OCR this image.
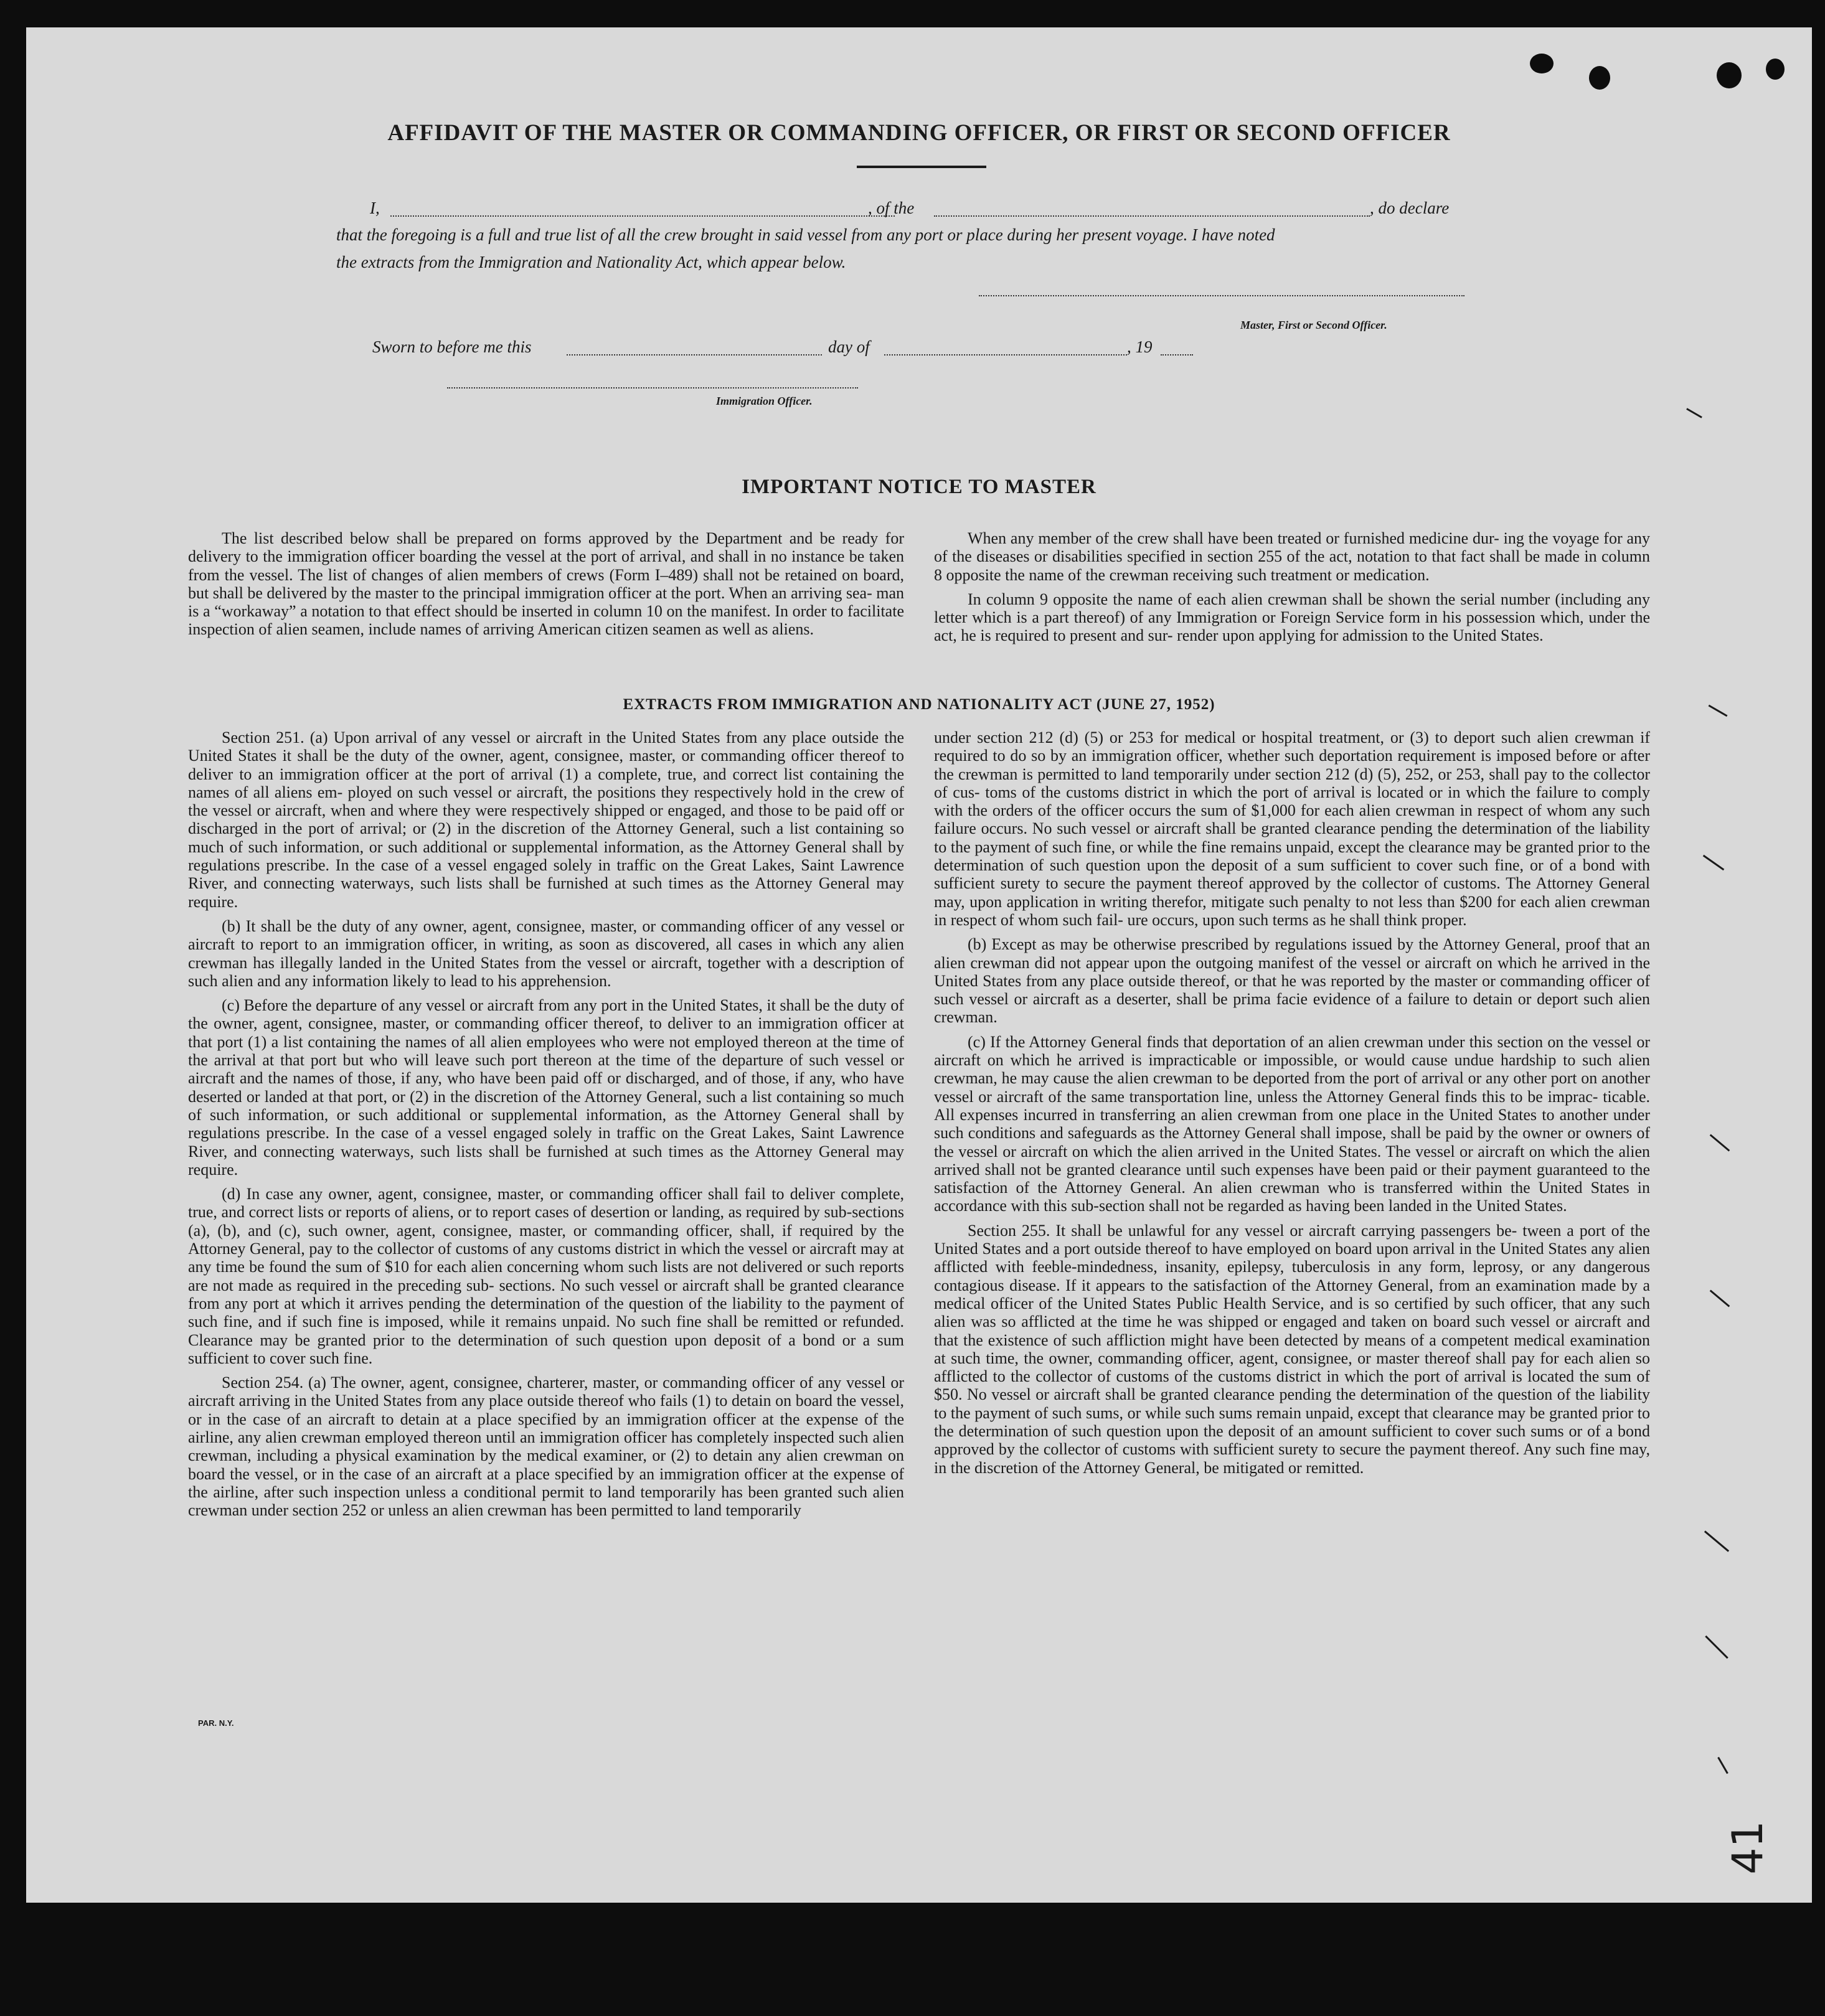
AFFIDAVIT OF THE MASTER OR COMMANDING OFFICER, OR FIRST OR SECOND OFFICER
I,	, of the	, do declare
that the foregoing is a full and true list of all the crew brought in said vessel from any port or place during her present voyage. I have noted
the extracts from the Immigration and Nationality Act, which appear below.
Master, First or Second Officer.
Sworn to before me this	day of	, 19
Immigration Officer.
IMPORTANT NOTICE TO MASTER

The list described below shall be prepared on forms approved by the Department and be ready for delivery to the immigration officer boarding the vessel at the port of arrival, and shall in no instance be taken from the vessel. The list of changes of alien members of crews (Form I–489) shall not be retained on board, but shall be delivered by the master to the principal immigration officer at the port. When an arriving sea- man is a “workaway” a notation to that effect should be inserted in column 10 on the manifest. In order to facilitate inspection of alien seamen, include names of arriving American citizen seamen as well as aliens.

When any member of the crew shall have been treated or furnished medicine dur- ing the voyage for any of the diseases or disabilities specified in section 255 of the act, notation to that fact shall be made in column 8 opposite the name of the crewman receiving such treatment or medication.

In column 9 opposite the name of each alien crewman shall be shown the serial number (including any letter which is a part thereof) of any Immigration or Foreign Service form in his possession which, under the act, he is required to present and sur- render upon applying for admission to the United States.

EXTRACTS FROM IMMIGRATION AND NATIONALITY ACT (JUNE 27, 1952)

Section 251. (a) Upon arrival of any vessel or aircraft in the United States from any place outside the United States it shall be the duty of the owner, agent, consignee, master, or commanding officer thereof to deliver to an immigration officer at the port of arrival (1) a complete, true, and correct list containing the names of all aliens em- ployed on such vessel or aircraft, the positions they respectively hold in the crew of the vessel or aircraft, when and where they were respectively shipped or engaged, and those to be paid off or discharged in the port of arrival; or (2) in the discretion of the Attorney General, such a list containing so much of such information, or such additional or supplemental information, as the Attorney General shall by regulations prescribe. In the case of a vessel engaged solely in traffic on the Great Lakes, Saint Lawrence River, and connecting waterways, such lists shall be furnished at such times as the Attorney General may require.

(b) It shall be the duty of any owner, agent, consignee, master, or commanding officer of any vessel or aircraft to report to an immigration officer, in writing, as soon as discovered, all cases in which any alien crewman has illegally landed in the United States from the vessel or aircraft, together with a description of such alien and any information likely to lead to his apprehension.

(c) Before the departure of any vessel or aircraft from any port in the United States, it shall be the duty of the owner, agent, consignee, master, or commanding officer thereof, to deliver to an immigration officer at that port (1) a list containing the names of all alien employees who were not employed thereon at the time of the arrival at that port but who will leave such port thereon at the time of the departure of such vessel or aircraft and the names of those, if any, who have been paid off or discharged, and of those, if any, who have deserted or landed at that port, or (2) in the discretion of the Attorney General, such a list containing so much of such information, or such additional or supplemental information, as the Attorney General shall by regulations prescribe. In the case of a vessel engaged solely in traffic on the Great Lakes, Saint Lawrence River, and connecting waterways, such lists shall be furnished at such times as the Attorney General may require.

(d) In case any owner, agent, consignee, master, or commanding officer shall fail to deliver complete, true, and correct lists or reports of aliens, or to report cases of desertion or landing, as required by sub-sections (a), (b), and (c), such owner, agent, consignee, master, or commanding officer, shall, if required by the Attorney General, pay to the collector of customs of any customs district in which the vessel or aircraft may at any time be found the sum of $10 for each alien concerning whom such lists are not delivered or such reports are not made as required in the preceding sub- sections. No such vessel or aircraft shall be granted clearance from any port at which it arrives pending the determination of the question of the liability to the payment of such fine, and if such fine is imposed, while it remains unpaid. No such fine shall be remitted or refunded. Clearance may be granted prior to the determination of such question upon deposit of a bond or a sum sufficient to cover such fine.

Section 254. (a) The owner, agent, consignee, charterer, master, or commanding officer of any vessel or aircraft arriving in the United States from any place outside thereof who fails (1) to detain on board the vessel, or in the case of an aircraft to detain at a place specified by an immigration officer at the expense of the airline, any alien crewman employed thereon until an immigration officer has completely inspected such alien crewman, including a physical examination by the medical examiner, or (2) to detain any alien crewman on board the vessel, or in the case of an aircraft at a place specified by an immigration officer at the expense of the airline, after such inspection unless a conditional permit to land temporarily has been granted such alien crewman under section 252 or unless an alien crewman has been permitted to land temporarily

under section 212 (d) (5) or 253 for medical or hospital treatment, or (3) to deport such alien crewman if required to do so by an immigration officer, whether such deportation requirement is imposed before or after the crewman is permitted to land temporarily under section 212 (d) (5), 252, or 253, shall pay to the collector of cus- toms of the customs district in which the port of arrival is located or in which the failure to comply with the orders of the officer occurs the sum of $1,000 for each alien crewman in respect of whom any such failure occurs. No such vessel or aircraft shall be granted clearance pending the determination of the liability to the payment of such fine, or while the fine remains unpaid, except the clearance may be granted prior to the determination of such question upon the deposit of a sum sufficient to cover such fine, or of a bond with sufficient surety to secure the payment thereof approved by the collector of customs. The Attorney General may, upon application in writing therefor, mitigate such penalty to not less than $200 for each alien crewman in respect of whom such fail- ure occurs, upon such terms as he shall think proper.

(b) Except as may be otherwise prescribed by regulations issued by the Attorney General, proof that an alien crewman did not appear upon the outgoing manifest of the vessel or aircraft on which he arrived in the United States from any place outside thereof, or that he was reported by the master or commanding officer of such vessel or aircraft as a deserter, shall be prima facie evidence of a failure to detain or deport such alien crewman.

(c) If the Attorney General finds that deportation of an alien crewman under this section on the vessel or aircraft on which he arrived is impracticable or impossible, or would cause undue hardship to such alien crewman, he may cause the alien crewman to be deported from the port of arrival or any other port on another vessel or aircraft of the same transportation line, unless the Attorney General finds this to be imprac- ticable. All expenses incurred in transferring an alien crewman from one place in the United States to another under such conditions and safeguards as the Attorney General shall impose, shall be paid by the owner or owners of the vessel or aircraft on which the alien arrived in the United States. The vessel or aircraft on which the alien arrived shall not be granted clearance until such expenses have been paid or their payment guaranteed to the satisfaction of the Attorney General. An alien crewman who is transferred within the United States in accordance with this sub-section shall not be regarded as having been landed in the United States.

Section 255. It shall be unlawful for any vessel or aircraft carrying passengers be- tween a port of the United States and a port outside thereof to have employed on board upon arrival in the United States any alien afflicted with feeble-mindedness, insanity, epilepsy, tuberculosis in any form, leprosy, or any dangerous contagious disease. If it appears to the satisfaction of the Attorney General, from an examination made by a medical officer of the United States Public Health Service, and is so certified by such officer, that any such alien was so afflicted at the time he was shipped or engaged and taken on board such vessel or aircraft and that the existence of such affliction might have been detected by means of a competent medical examination at such time, the owner, commanding officer, agent, consignee, or master thereof shall pay for each alien so afflicted to the collector of customs of the customs district in which the port of arrival is located the sum of $50. No vessel or aircraft shall be granted clearance pending the determination of the question of the liability to the payment of such sums, or while such sums remain unpaid, except that clearance may be granted prior to the determination of such question upon the deposit of an amount sufficient to cover such sums or of a bond approved by the collector of customs with sufficient surety to secure the payment thereof. Any such fine may, in the discretion of the Attorney General, be mitigated or remitted.

PAR. N.Y.
41
